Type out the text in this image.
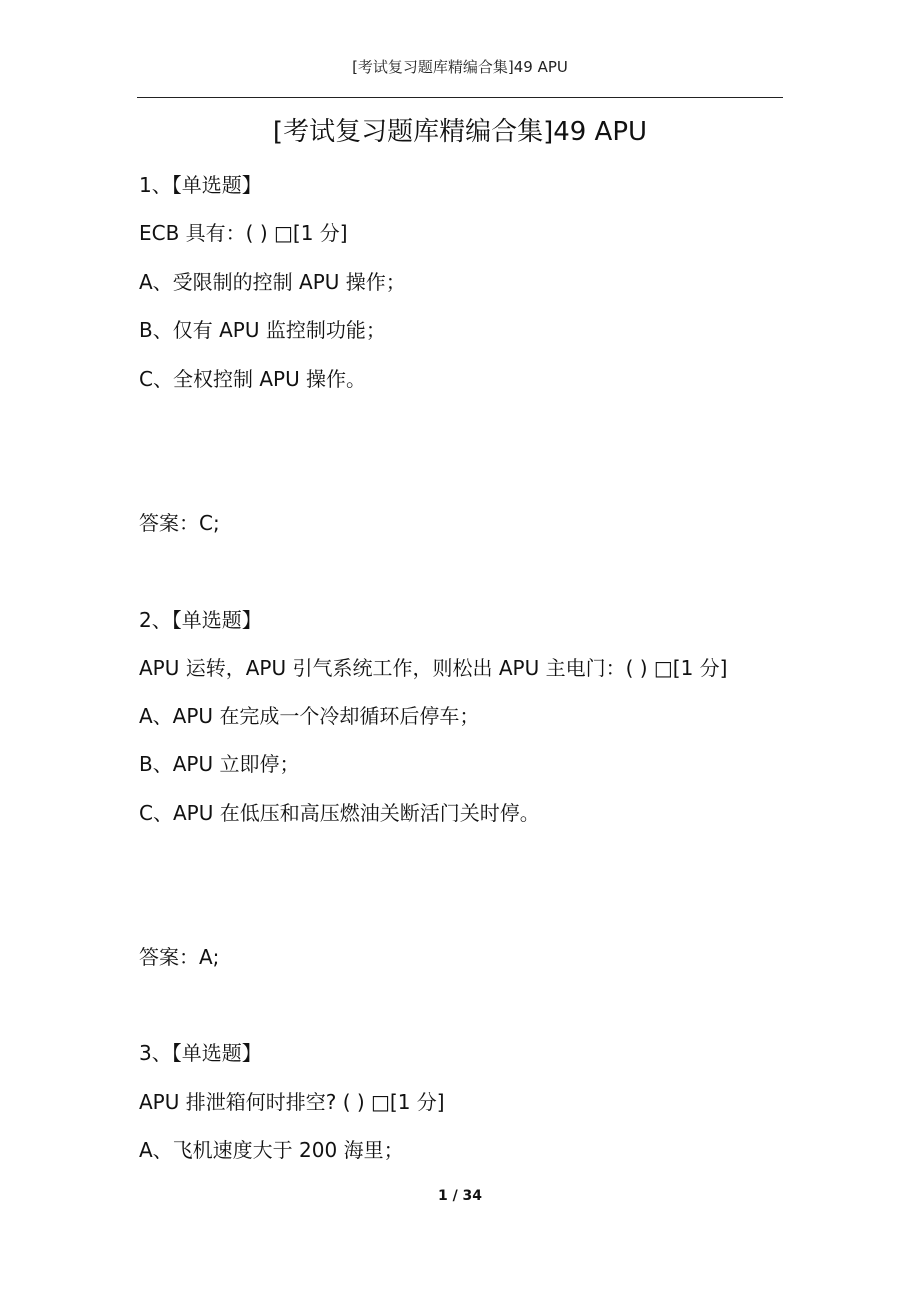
[考试复习题库精编合集]49 APU
[考试复习题库精编合集]49 APU
1、【单选题】
ECB 具有：( ) □[1 分]
A、受限制的控制 APU 操作；
B、仅有 APU 监控制功能；
C、全权控制 APU 操作。
答案：C;
2、【单选题】
APU 运转，APU 引气系统工作，则松出 APU 主电门：( ) □[1 分]
A、APU 在完成一个冷却循环后停车；
B、APU 立即停；
C、APU 在低压和高压燃油关断活门关时停。
答案：A;
3、【单选题】
APU 排泄箱何时排空? ( ) □[1 分]
A、飞机速度大于 200 海里；
1 / 34
